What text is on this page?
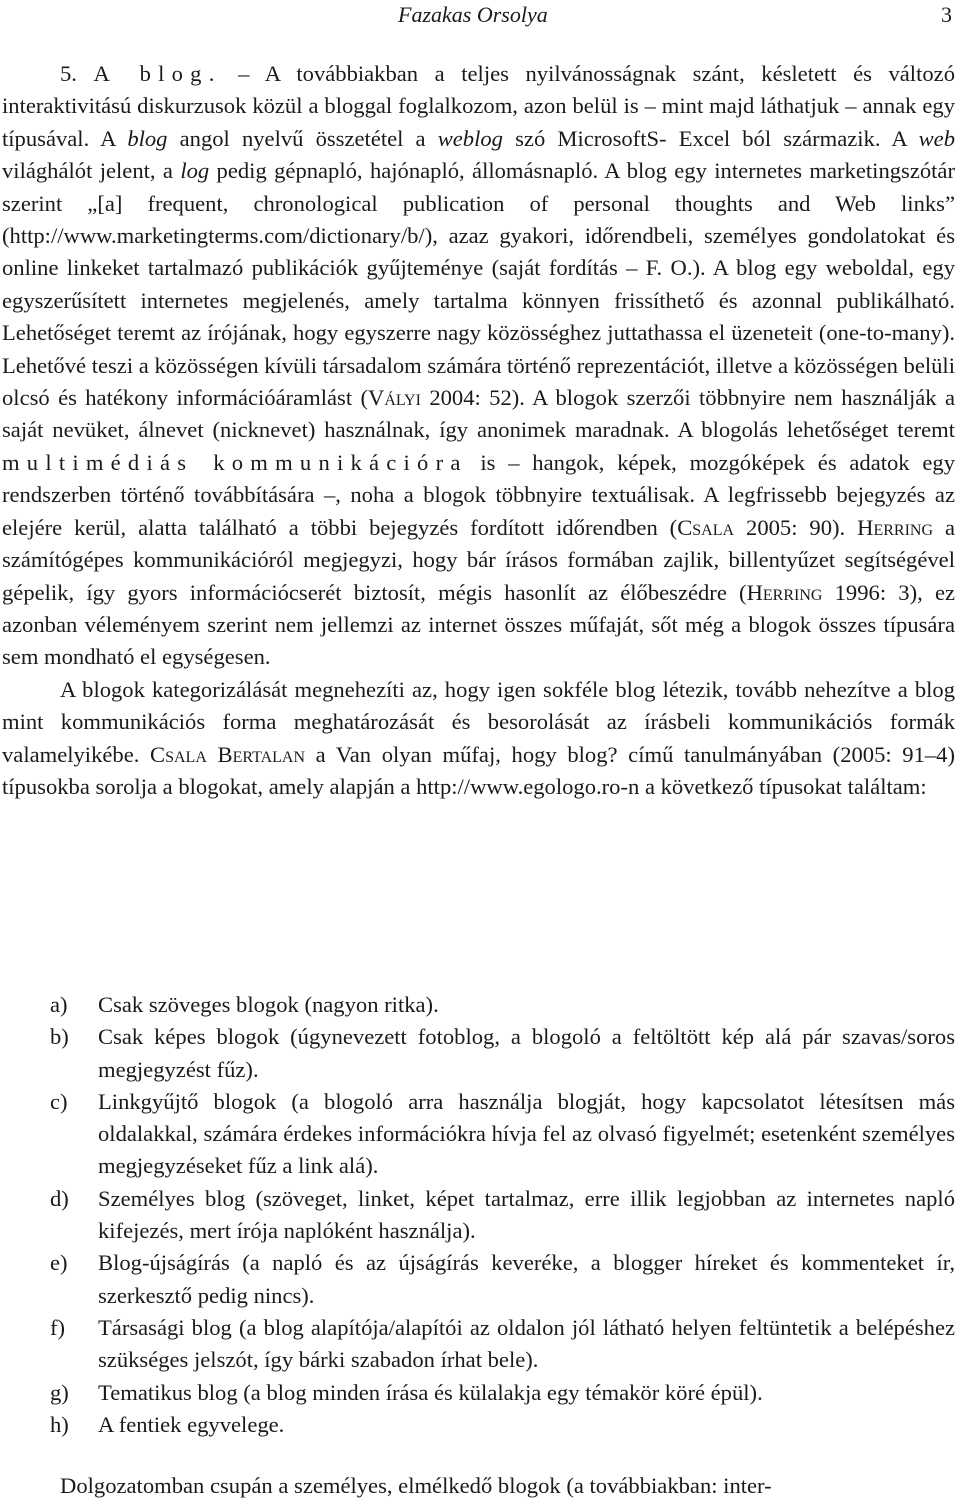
Fazakas Orsolya	3

5. A blog. – A továbbiakban a teljes nyilvánosságnak szánt, késletett és változó interaktivitású diskurzusok közül a bloggal foglalkozom, azon belül is – mint majd láthatjuk – annak egy típusával. A blog angol nyelvű összetétel a weblog szó MicrosoftS- Excel ból származik. A web világhálót jelent, a log pedig gépnapló, hajónapló, állomásnapló. A blog egy internetes marketingszótár szerint „[a] frequent, chronological publication of personal thoughts and Web links” (http://www.marketingterms.com/dictionary/b/), azaz gyakori, időrendbeli, személyes gondolatokat és online linkeket tartalmazó publikációk gyűjteménye (saját fordítás – F. O.). A blog egy weboldal, egy egyszerűsített internetes megjelenés, amely tartalma könnyen frissíthető és azonnal publikálható. Lehetőséget teremt az írójának, hogy egyszerre nagy közösséghez juttathassa el üzeneteit (one-to-many). Lehetővé teszi a közösségen kívüli társadalom számára történő reprezentációt, illetve a közösségen belüli olcsó és hatékony információáramlást (Vályi 2004: 52). A blogok szerzői többnyire nem használják a saját nevüket, álnevet (nicknevet) használnak, így anonimek maradnak. A blogolás lehetőséget teremt multimédiás kommunikációra is – hangok, képek, mozgóképek és adatok egy rendszerben történő továbbítására –, noha a blogok többnyire textuálisak. A legfrissebb bejegyzés az elejére kerül, alatta található a többi bejegyzés fordított időrendben (Csala 2005: 90). Herring a számítógépes kommunikációról megjegyzi, hogy bár írásos formában zajlik, billentyűzet segítségével gépelik, így gyors információcserét biztosít, mégis hasonlít az élőbeszédre (Herring 1996: 3), ez azonban véleményem szerint nem jellemzi az internet összes műfaját, sőt még a blogok összes típusára sem mondható el egységesen.

A blogok kategorizálását megnehezíti az, hogy igen sokféle blog létezik, tovább nehezítve a blog mint kommunikációs forma meghatározását és besorolását az írásbeli kommunikációs formák valamelyikébe. Csala Bertalan a Van olyan műfaj, hogy blog? című tanulmányában (2005: 91–4) típusokba sorolja a blogokat, amely alapján a http://www.egologo.ro-n a következő típusokat találtam:

a) Csak szöveges blogok (nagyon ritka).
b) Csak képes blogok (úgynevezett fotoblog, a blogoló a feltöltött kép alá pár szavas/soros megjegyzést fűz).
c) Linkgyűjtő blogok (a blogoló arra használja blogját, hogy kapcsolatot létesítsen más oldalakkal, számára érdekes információkra hívja fel az olvasó figyelmét; esetenként személyes megjegyzéseket fűz a link alá).
d) Személyes blog (szöveget, linket, képet tartalmaz, erre illik legjobban az internetes napló kifejezés, mert írója naplóként használja).
e) Blog-újságírás (a napló és az újságírás keveréke, a blogger híreket és kommenteket ír, szerkesztő pedig nincs).
f) Társasági blog (a blog alapítója/alapítói az oldalon jól látható helyen feltüntetik a belépéshez szükséges jelszót, így bárki szabadon írhat bele).
g) Tematikus blog (a blog minden írása és külalakja egy témakör köré épül).
h) A fentiek egyvelege.

Dolgozatomban csupán a személyes, elmélkedő blogok (a továbbiakban: inter-
